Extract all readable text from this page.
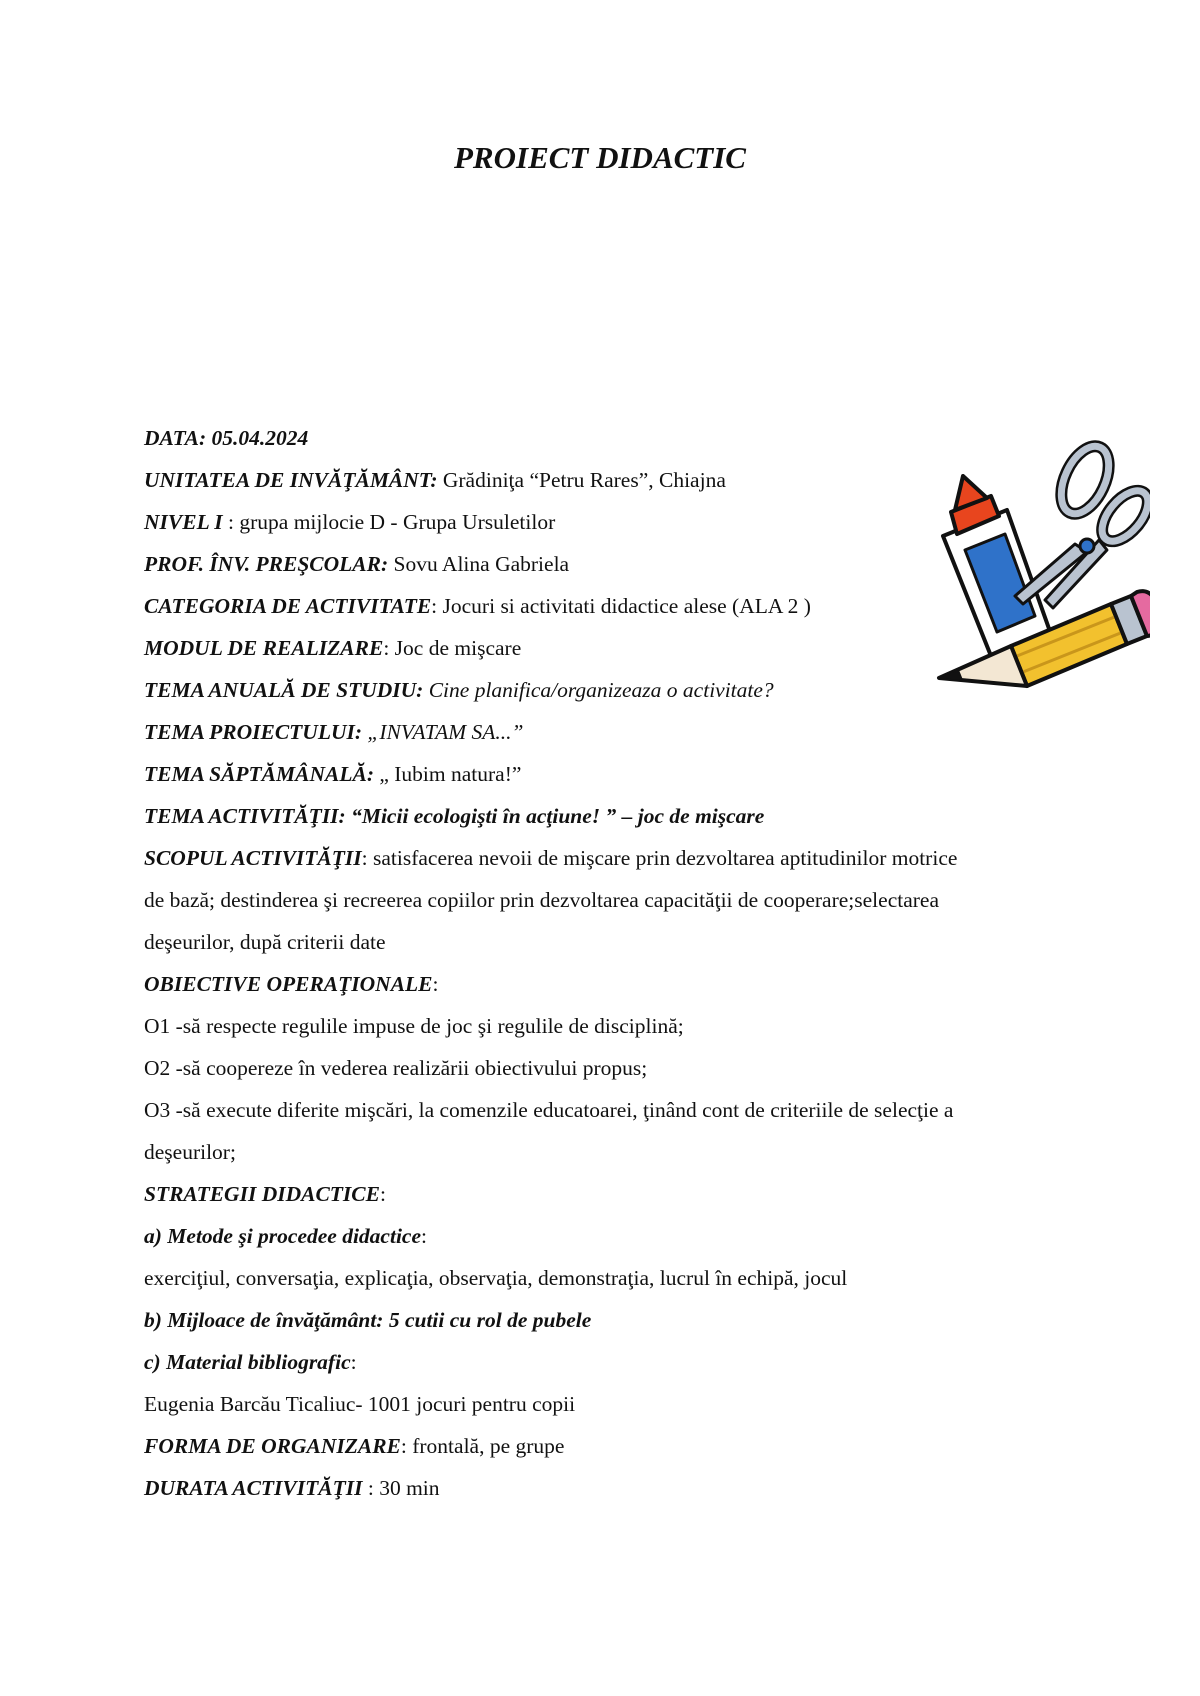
PROIECT DIDACTIC
DATA: 05.04.2024
UNITATEA DE INVĂŢĂMÂNT: Grădiniţa “Petru Rares”, Chiajna
NIVEL I : grupa mijlocie D - Grupa Ursuletilor
PROF. ÎNV. PREŞCOLAR: Sovu Alina Gabriela
CATEGORIA DE ACTIVITATE: Jocuri si activitati didactice alese (ALA 2 )
MODUL DE REALIZARE: Joc de mişcare
TEMA ANUALĂ DE STUDIU: Cine planifica/organizeaza o activitate?
TEMA PROIECTULUI: „INVATAM SA...”
TEMA SĂPTĂMÂNALĂ: „ Iubim natura!”
TEMA ACTIVITĂŢII: “Micii ecologişti în acţiune! ” – joc de mişcare
SCOPUL ACTIVITĂŢII: satisfacerea nevoii de mişcare prin dezvoltarea aptitudinilor motrice
de bază; destinderea şi recreerea copiilor prin dezvoltarea capacităţii de cooperare;selectarea
deşeurilor, după criterii date
OBIECTIVE OPERAŢIONALE:
O1 -să respecte regulile impuse de joc şi regulile de disciplină;
O2 -să coopereze în vederea realizării obiectivului propus;
O3 -să execute diferite mişcări, la comenzile educatoarei, ţinând cont de criteriile de selecţie a
deşeurilor;
STRATEGII DIDACTICE:
a) Metode şi procedee didactice:
exerciţiul, conversaţia, explicaţia, observaţia, demonstraţia, lucrul în echipă, jocul
b) Mijloace de învăţământ: 5 cutii cu rol de pubele
c) Material bibliografic:
Eugenia Barcău Ticaliuc- 1001 jocuri pentru copii
FORMA DE ORGANIZARE: frontală, pe grupe
DURATA ACTIVITĂŢII : 30 min
